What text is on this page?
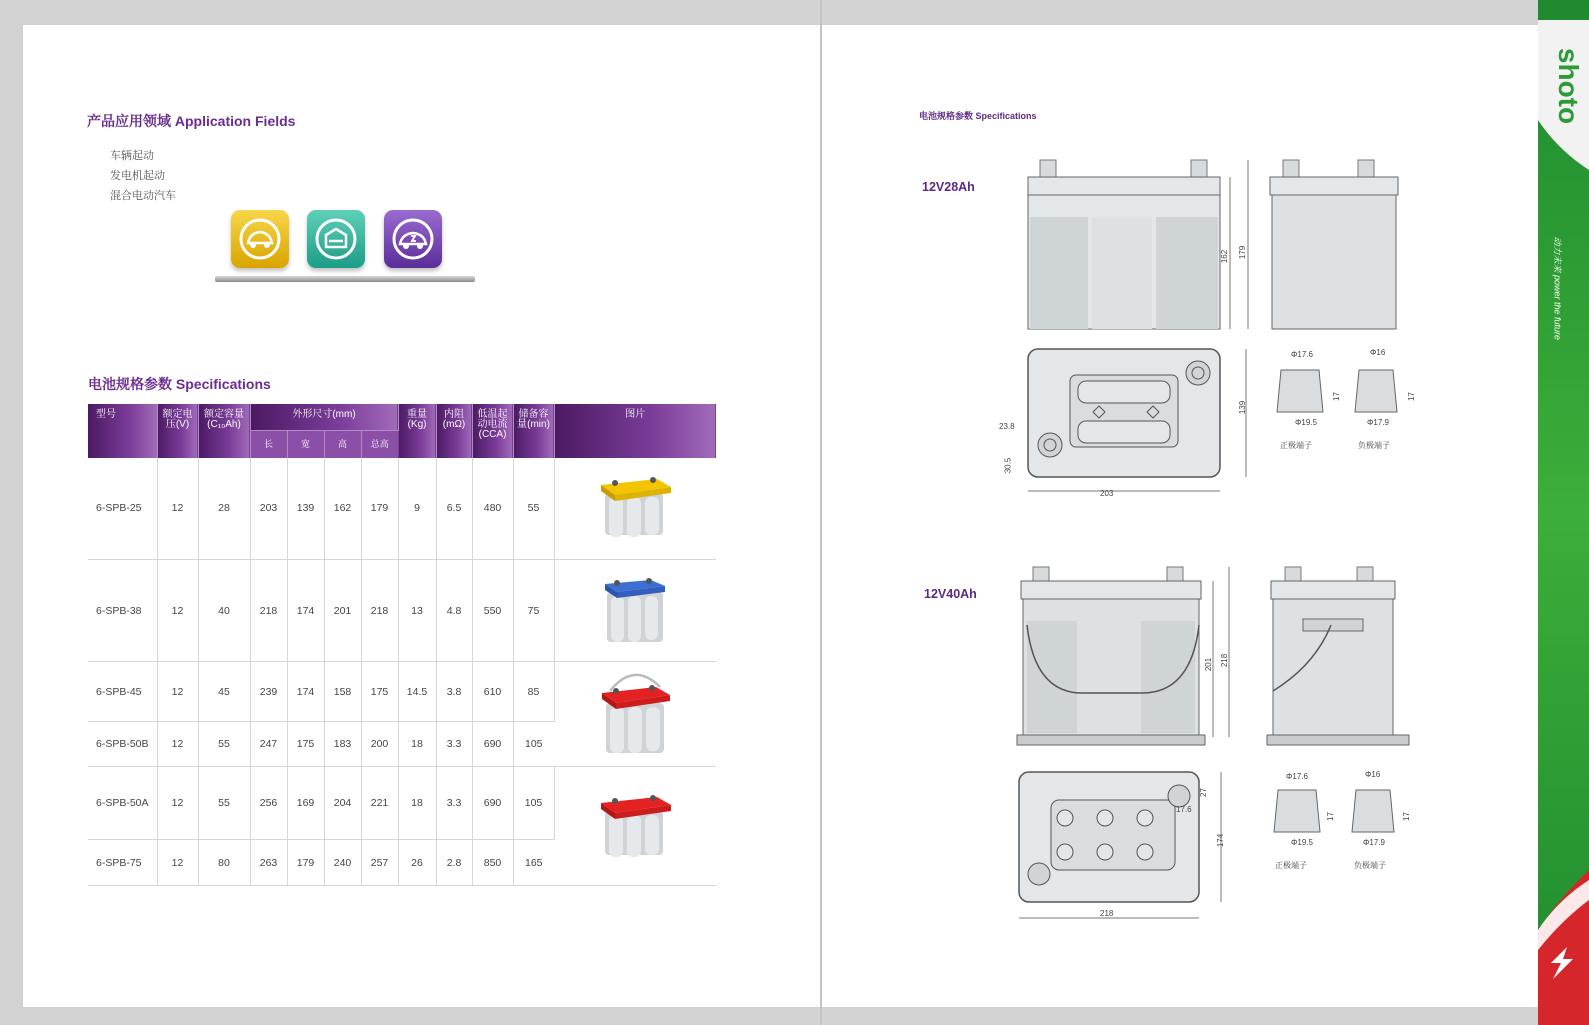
产品应用领域 Application Fields
车辆起动
发电机起动
混合电动汽车
电池规格参数 Specifications
型号	额定电压(V)	额定容量(C₁₀Ah)	外形尺寸(mm)				重量(Kg)	内阻(mΩ)	低温起动电流(CCA)	储备容量(min)	图片
			长	宽	高	总高					
6-SPB-25	12	28	203	139	162	179	9	6.5	480	55	
6-SPB-38	12	40	218	174	201	218	13	4.8	550	75	
6-SPB-45	12	45	239	174	158	175	14.5	3.8	610	85	
6-SPB-50B	12	55	247	175	183	200	18	3.3	690	105	
6-SPB-50A	12	55	256	169	204	221	18	3.3	690	105	
6-SPB-75	12	80	263	179	240	257	26	2.8	850	165	
电池规格参数 Specifications
12V28Ah
162 179
203
139
23.8
30.5
Φ17.6
Φ19.5
Φ16
Φ17.9
17	17
正极端子	负极端子
12V40Ah
201 218
218
174
27
17.6
Φ17.6
Φ19.5
Φ16
Φ17.9
17	17
正极端子	负极端子
shoto
动力未来 power the future
